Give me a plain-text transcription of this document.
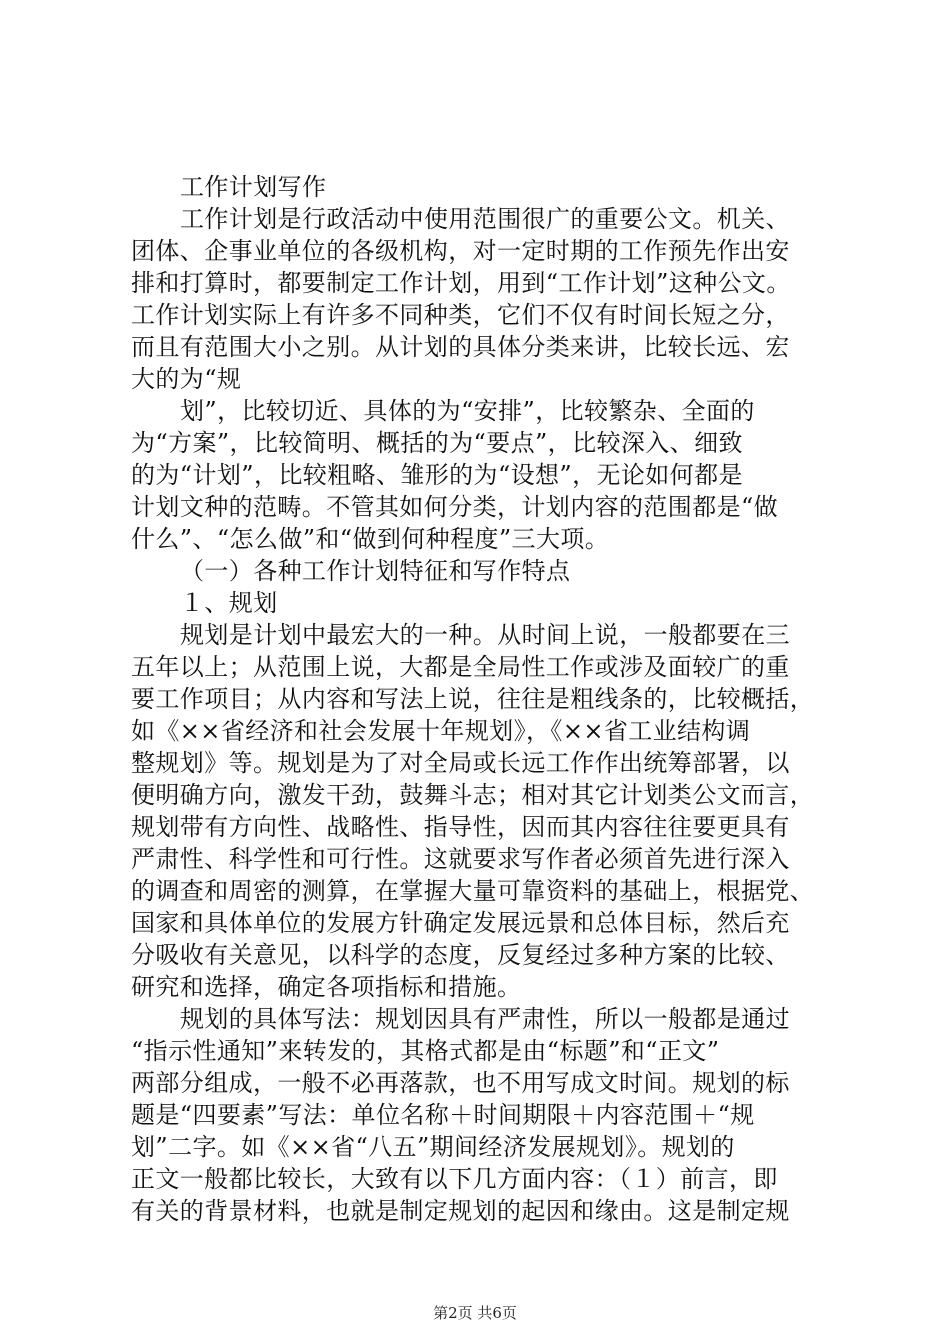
工作计划写作
工作计划是行政活动中使用范围很广的重要公文。机关、
团体、企事业单位的各级机构，对一定时期的工作预先作出安
排和打算时，都要制定工作计划，用到“工作计划”这种公文。
工作计划实际上有许多不同种类，它们不仅有时间长短之分，
而且有范围大小之别。从计划的具体分类来讲，比较长远、宏
大的为“规
划”，比较切近、具体的为“安排”，比较繁杂、全面的
为“方案”，比较简明、概括的为“要点”，比较深入、细致
的为“计划”，比较粗略、雏形的为“设想”，无论如何都是
计划文种的范畴。不管其如何分类，计划内容的范围都是“做
什么”、“怎么做”和“做到何种程度”三大项。
（一）各种工作计划特征和写作特点
１、规划
规划是计划中最宏大的一种。从时间上说，一般都要在三
五年以上；从范围上说，大都是全局性工作或涉及面较广的重
要工作项目；从内容和写法上说，往往是粗线条的，比较概括，
如《××省经济和社会发展十年规划》，《××省工业结构调
整规划》等。规划是为了对全局或长远工作作出统筹部署，以
便明确方向，激发干劲，鼓舞斗志；相对其它计划类公文而言，
规划带有方向性、战略性、指导性，因而其内容往往要更具有
严肃性、科学性和可行性。这就要求写作者必须首先进行深入
的调查和周密的测算，在掌握大量可靠资料的基础上，根据党、
国家和具体单位的发展方针确定发展远景和总体目标，然后充
分吸收有关意见，以科学的态度，反复经过多种方案的比较、
研究和选择，确定各项指标和措施。
规划的具体写法：规划因具有严肃性，所以一般都是通过
“指示性通知”来转发的，其格式都是由“标题”和“正文”
两部分组成，一般不必再落款，也不用写成文时间。规划的标
题是“四要素”写法：单位名称＋时间期限＋内容范围＋“规
划”二字。如《××省“八五”期间经济发展规划》。规划的
正文一般都比较长，大致有以下几方面内容：（１）前言，即
有关的背景材料，也就是制定规划的起因和缘由。这是制定规
第2页 共6页
